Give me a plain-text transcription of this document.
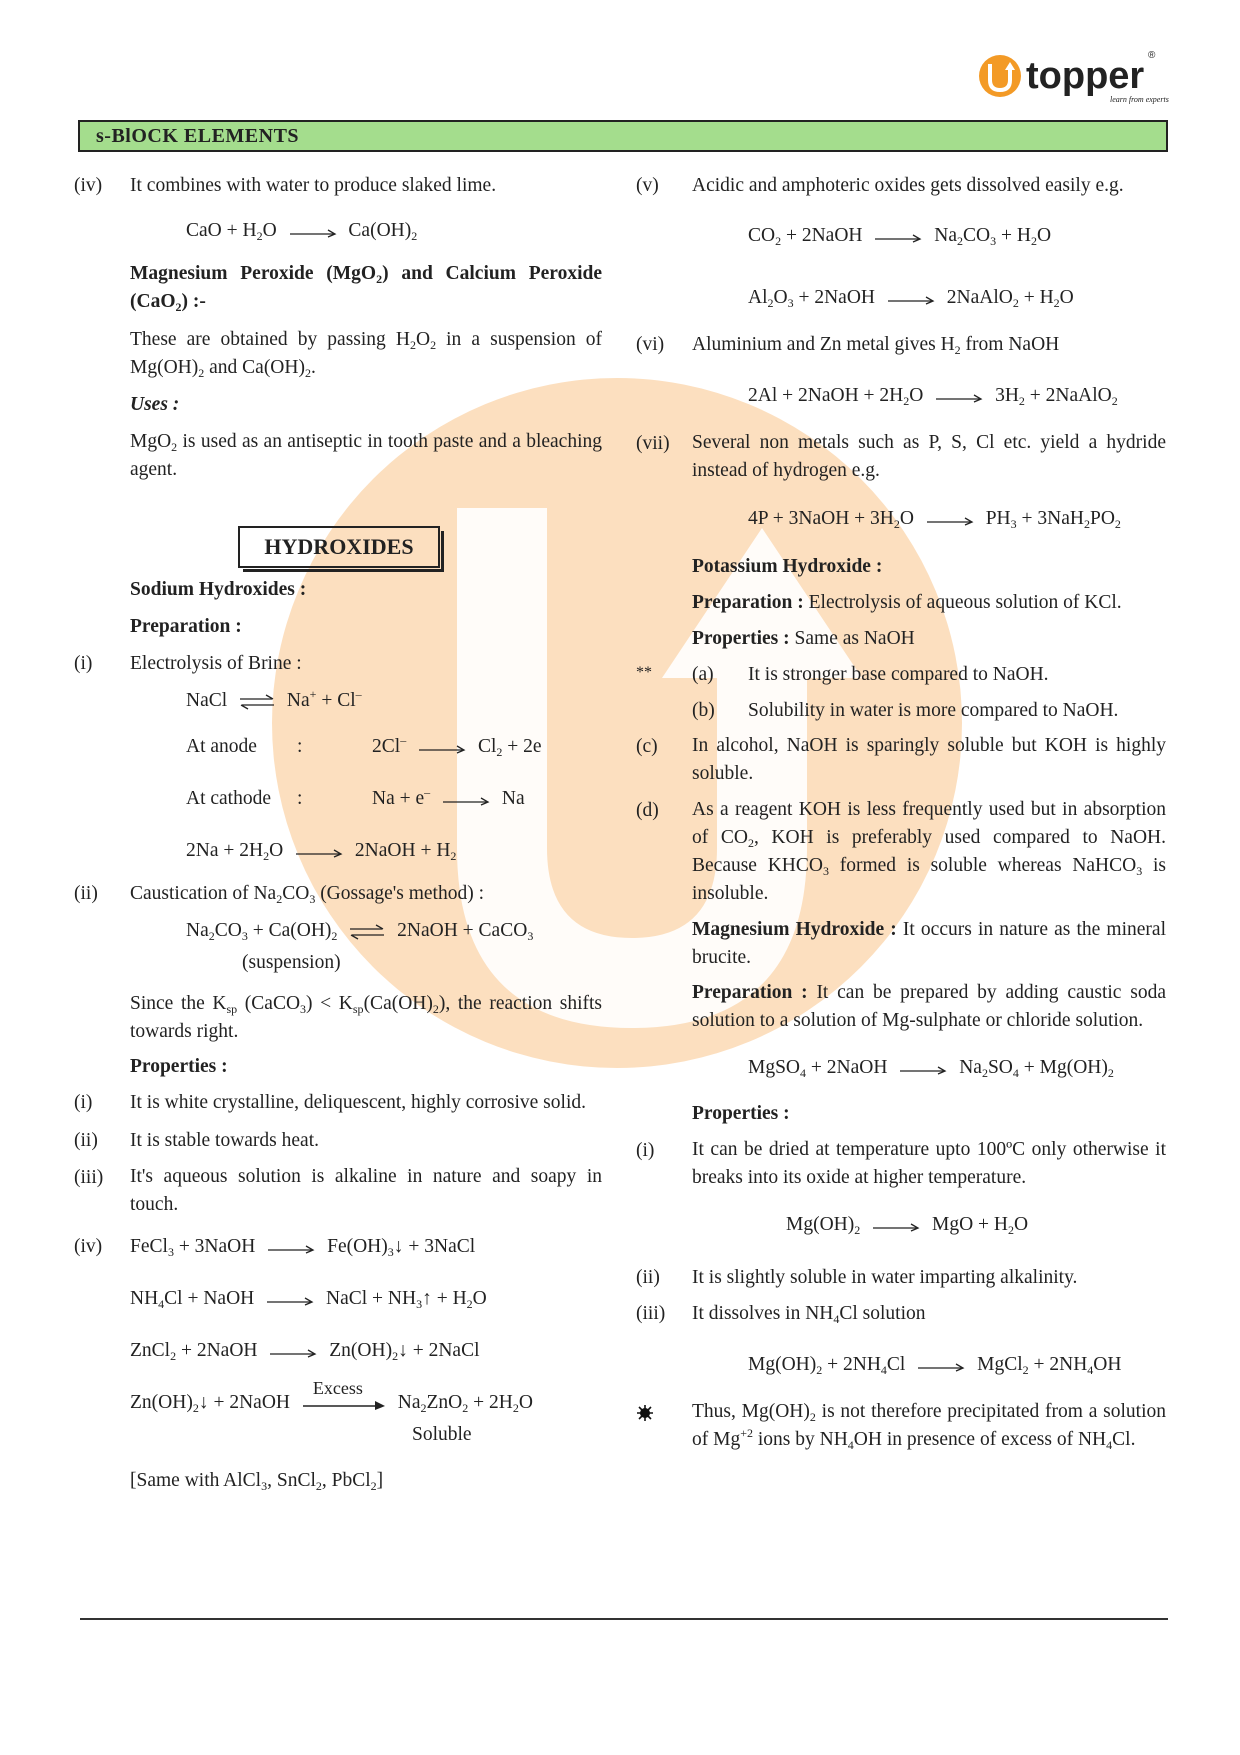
topper ®
learn from experts
s-BlOCK ELEMENTS
(iv) It combines with water to produce slaked lime.
CaO + $H_2O \to Ca(OH)_2$
Magnesium Peroxide (MgO$_2$) and Calcium Peroxide (CaO$_2$) :-
These are obtained by passing $H_2O_2$ in a suspension of $Mg(OH)_2$ and $Ca(OH)_2$.
Uses :
MgO$_2$ is used as an antiseptic in tooth paste and a bleaching agent.
HYDROXIDES
Sodium Hydroxides :
Preparation :
(i) Electrolysis of Brine :
NaCl ⇌ Na+ + Cl–
At anode :	$2Cl^- \to Cl_2 + 2e$
At cathode :	Na + e– → Na
$2Na + 2H_2O$ → 2NaOH + $H_2$
(ii) Caustication of $Na_2CO_3$ (Gossage's method) :
$Na_2CO_3 + Ca(OH)_2$ ⇌ 2NaOH + CaCO$_3$
(suspension)
Since the $K_{sp}$ (CaCO$_3$) < $K_{sp}(Ca(OH)_2)$, the reaction shifts towards right.
Properties :
(i) It is white crystalline, deliquescent, highly corrosive solid.
(ii) It is stable towards heat.
(iii) It's aqueous solution is alkaline in nature and soapy in touch.
(iv) FeCl$_3$ + 3NaOH → $Fe(OH)_3↓$ + 3NaCl
$NH_4Cl$ + NaOH → NaCl + $NH_3↑ + H_2O$
ZnCl$_2$ + 2NaOH → $Zn(OH)_2↓$ + 2NaCl
$Zn(OH)_2↓$ + 2NaOH
Excess
$Na_2ZnO_2 + 2H_2O$
Soluble
[Same with AlCl$_3$, SnCl$_2$, PbCl$_2$]
(v) Acidic and amphoteric oxides gets dissolved easily e.g.
$CO_2$ + 2NaOH → $Na_2CO_3 + H_2O$
$Al_2O_3$ + 2NaOH → 2NaAlO$_2$ + $H_2O$
(vi) Aluminium and Zn metal gives $H_2$ from NaOH
2Al + 2NaOH + $2H_2O \to 3H_2$ + 2NaAlO$_2$
(vii) Several non metals such as P, S, Cl etc. yield a hydride instead of hydrogen e.g.
4P + 3NaOH + $3H_2O \to PH_3 + 3NaH_2PO_2$
Potassium Hydroxide :
Preparation : Electrolysis of aqueous solution of KCl.
Properties : Same as NaOH
** (a) It is stronger base compared to NaOH.
(b) Solubility in water is more compared to NaOH.
(c) In alcohol, NaOH is sparingly soluble but KOH is highly soluble.
(d) As a reagent KOH is less frequently used but in absorption of $CO_2$, KOH is preferably used compared to NaOH. Because $KHCO_3$ formed is soluble whereas NaHCO$_3$ is insoluble.
Magnesium Hydroxide : It occurs in nature as the mineral brucite.
Preparation : It can be prepared by adding caustic soda solution to a solution of Mg-sulphate or chloride solution.
MgSO$_4$ + 2NaOH → $Na_2SO_4 + Mg(OH)_2$
Properties :
(i) It can be dried at temperature upto 100ºC only otherwise it breaks into its oxide at higher temperature.
$Mg(OH)_2$ → MgO + $H_2O$
(ii) It is slightly soluble in water imparting alkalinity.
(iii) It dissolves in $NH_4Cl$ solution
$Mg(OH)_2 + 2NH_4Cl$ → MgCl$_2$ + $2NH_4OH$
Thus, $Mg(OH)_2$ is not therefore precipitated from a solution of $Mg^{+2}$ ions by $NH_4OH$ in presence of excess of $NH_4Cl$.
